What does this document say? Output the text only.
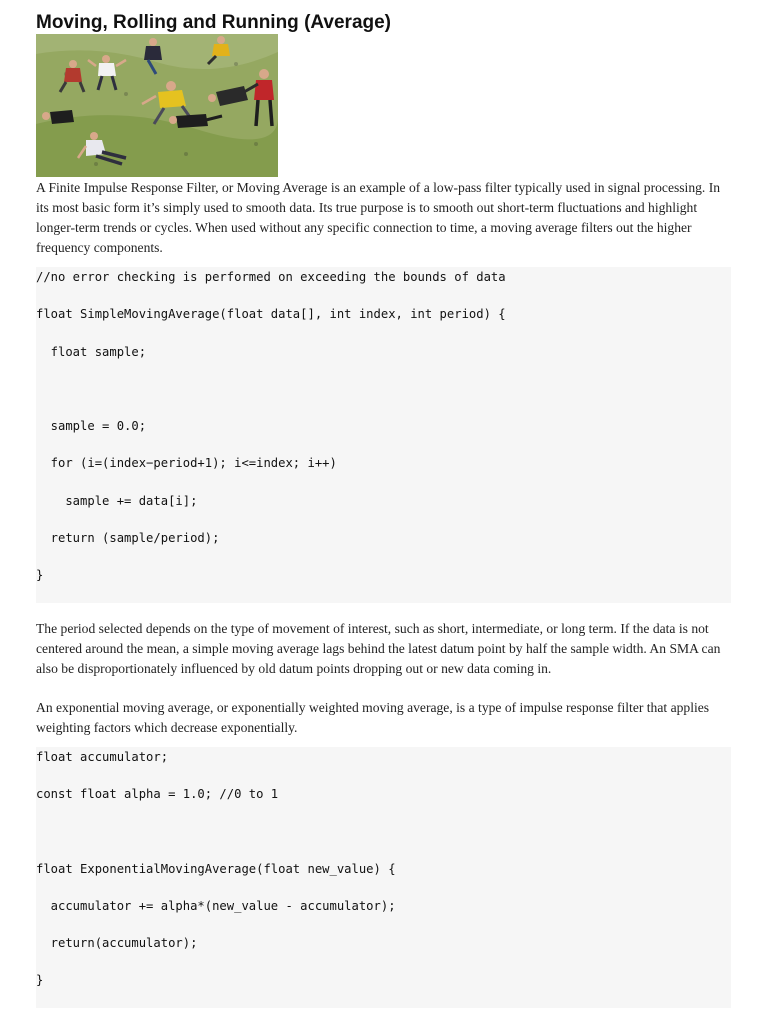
Moving, Rolling and Running (Average)

A Finite Impulse Response Filter, or Moving Average is an example of a low-pass filter typically used in signal processing. In its most basic form it’s simply used to smooth data. Its true purpose is to smooth out short-term fluctuations and highlight longer-term trends or cycles. When used without any specific connection to time, a moving average filters out the higher frequency components.

//no error checking is performed on exceeding the bounds of data
float SimpleMovingAverage(float data[], int index, int period) {
float sample;
sample = 0.0;
for (i=(index−period+1); i<=index; i++)
sample += data[i];
return (sample/period);
}

The period selected depends on the type of movement of interest, such as short, intermediate, or long term. If the data is not centered around the mean, a simple moving average lags behind the latest datum point by half the sample width. An SMA can also be disproportionately influenced by old datum points dropping out or new data coming in.

An exponential moving average, or exponentially weighted moving average, is a type of impulse response filter that applies weighting factors which decrease exponentially.

float accumulator;
const float alpha = 1.0; //0 to 1
float ExponentialMovingAverage(float new_value) {
accumulator += alpha*(new_value - accumulator);
return(accumulator);
}
